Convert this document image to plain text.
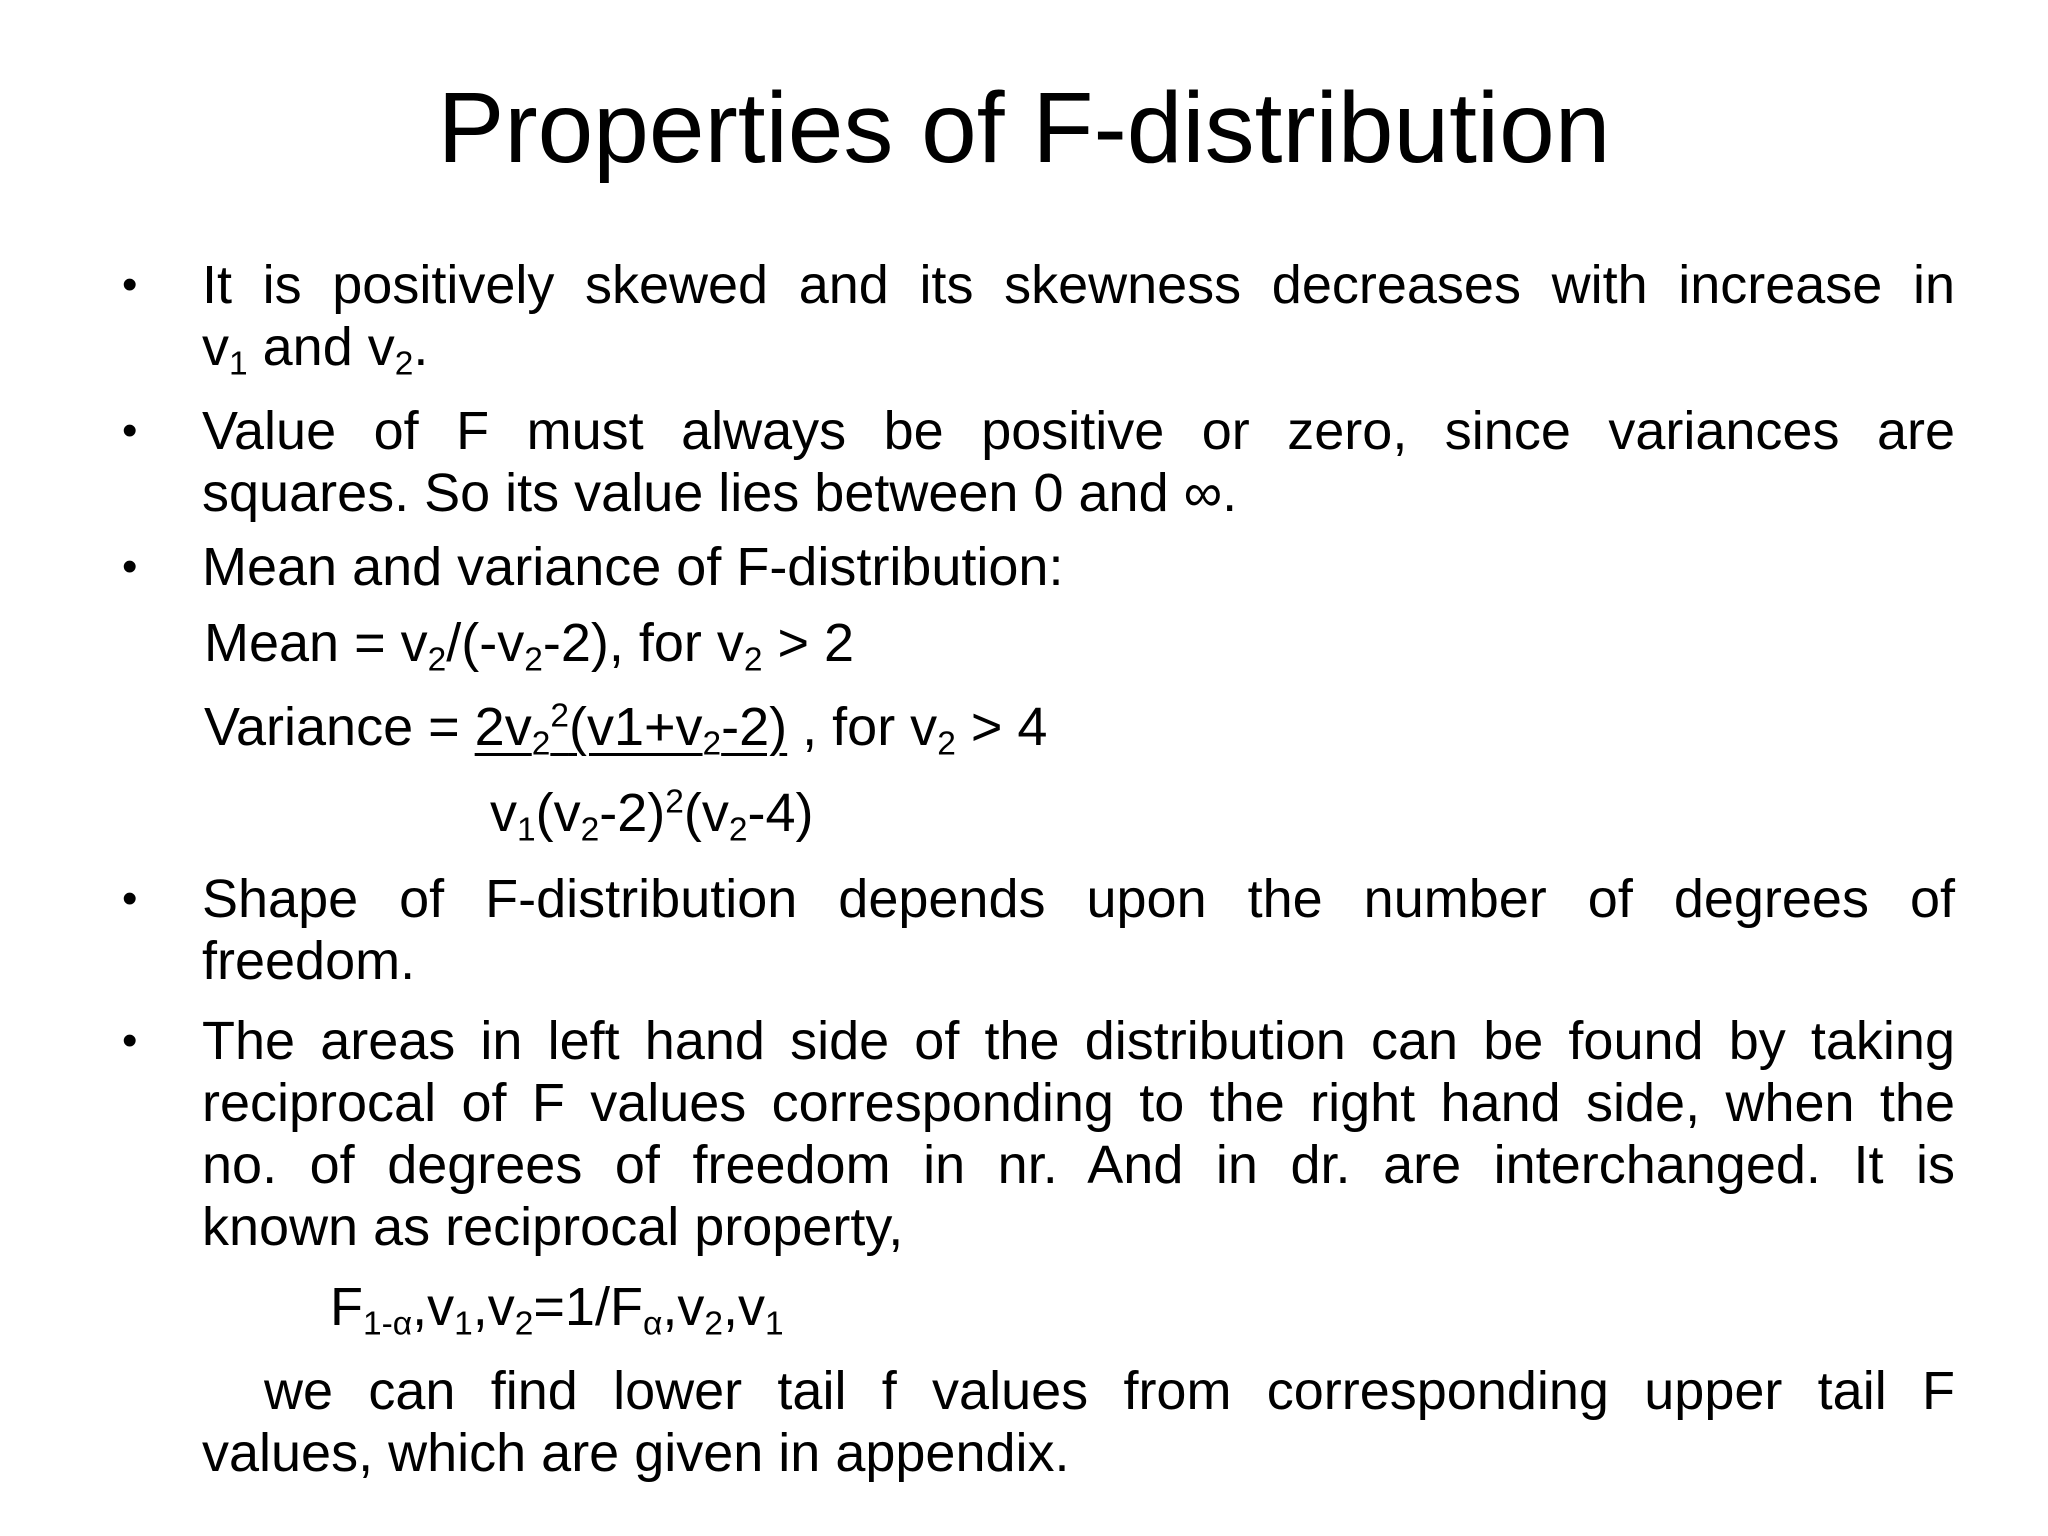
Properties of F-distribution
• It is positively skewed and its skewness decreases with increase in
$v_1$ and $v_2$.
• Value of F must always be positive or zero, since variances are
squares. So its value lies between 0 and ∞.
• Mean and variance of F-distribution:
Mean = $v_2/(-v_2-2)$, for $v_2 > 2$
Variance = $2v_2^2(v1+v_2-2)$ , for $v_2 > 4$
$v_1(v_2-2)^2(v_2-4)$
• Shape of F-distribution depends upon the number of degrees of
freedom.
• The areas in left hand side of the distribution can be found by taking
reciprocal of F values corresponding to the right hand side, when the
no. of degrees of freedom in nr. And in dr. are interchanged. It is
known as reciprocal property,
$F_{1-\alpha},v_1,v_2=1/F_\alpha,v_2,v_1$
we can find lower tail f values from corresponding upper tail F
values, which are given in appendix.
